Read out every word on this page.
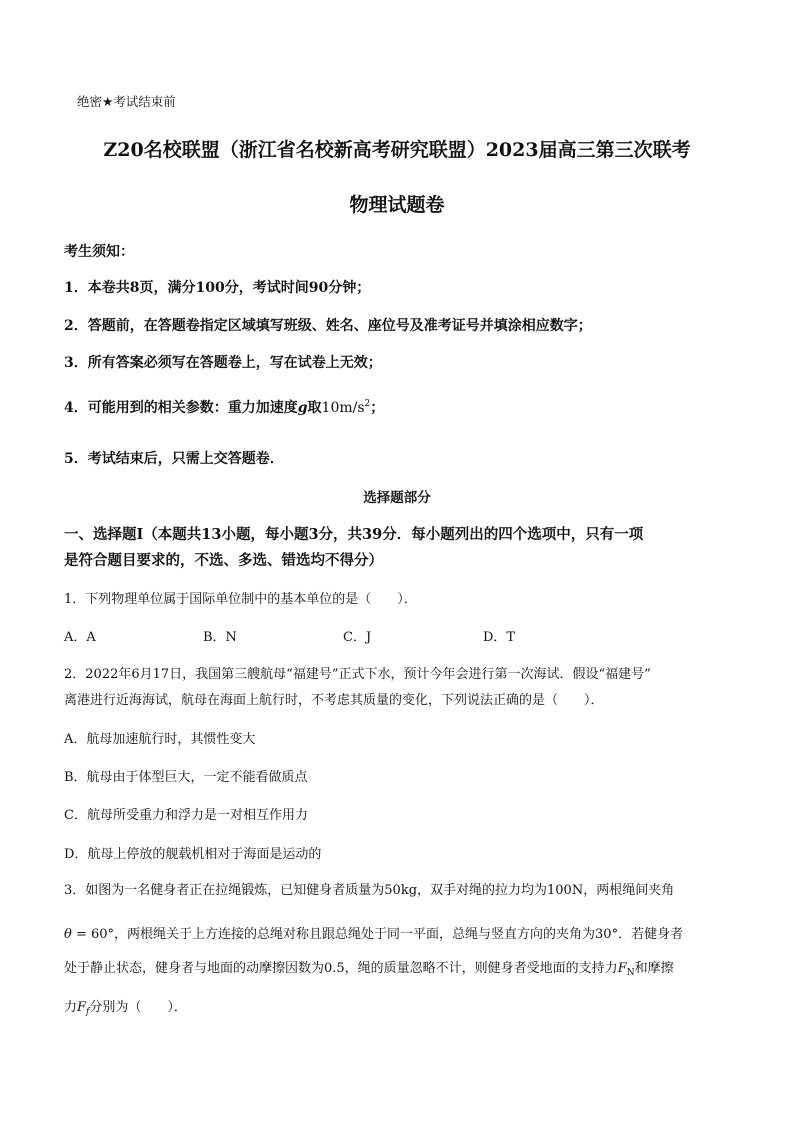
绝密★考试结束前
Z20名校联盟（浙江省名校新高考研究联盟）2023届高三第三次联考
物理试题卷
考生须知：
1．本卷共8页，满分100分，考试时间90分钟；
2．答题前，在答题卷指定区域填写班级、姓名、座位号及准考证号并填涂相应数字；
3．所有答案必须写在答题卷上，写在试卷上无效；
4．可能用到的相关参数：重力加速度g取$10m/s^2$；
5．考试结束后，只需上交答题卷．
选择题部分
一、选择题Ⅰ（本题共13小题，每小题3分，共39分．每小题列出的四个选项中，只有一项
是符合题目要求的，不选、多选、错选均不得分）
1．下列物理单位属于国际单位制中的基本单位的是（　　）．
A．A	B．N	C．J	D．T
2．2022年6月17日，我国第三艘航母“福建号”正式下水，预计今年会进行第一次海试．假设“福建号”
离港进行近海海试，航母在海面上航行时，不考虑其质量的变化，下列说法正确的是（　　）．
A．航母加速航行时，其惯性变大
B．航母由于体型巨大，一定不能看做质点
C．航母所受重力和浮力是一对相互作用力
D．航母上停放的舰载机相对于海面是运动的
3．如图为一名健身者正在拉绳锻炼，已知健身者质量为50kg，双手对绳的拉力均为100N，两根绳间夹角
θ = 60°，两根绳关于上方连接的总绳对称且跟总绳处于同一平面，总绳与竖直方向的夹角为30°．若健身者
处于静止状态，健身者与地面的动摩擦因数为0.5，绳的质量忽略不计，则健身者受地面的支持力$F_N$和摩擦
力$F_f$分别为（　　）．
